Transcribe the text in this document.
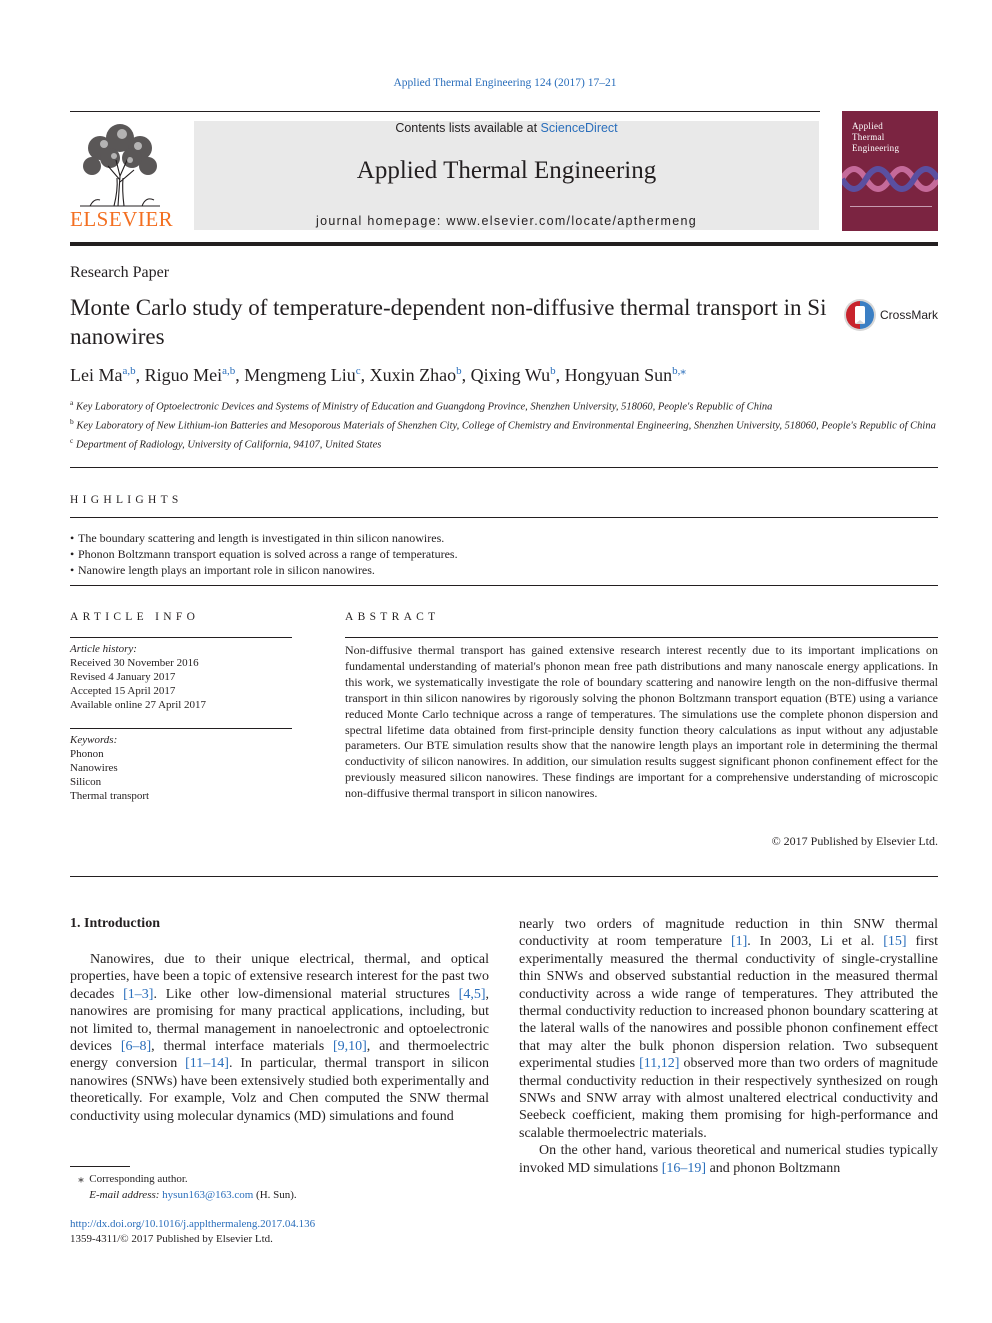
Applied Thermal Engineering 124 (2017) 17–21
ELSEVIER
Contents lists available at ScienceDirect
Applied Thermal Engineering
journal homepage: www.elsevier.com/locate/apthermeng
Applied
Thermal
Engineering
Research Paper
Monte Carlo study of temperature-dependent non-diffusive thermal transport in Si nanowires
CrossMark
Lei Ma$^{a,b}$, Riguo Mei$^{a,b}$, Mengmeng Liu$^c$, Xuxin Zhao$^b$, Qixing Wu$^b$, Hongyuan Sun$^{b,⁎}$
$^a$ Key Laboratory of Optoelectronic Devices and Systems of Ministry of Education and Guangdong Province, Shenzhen University, 518060, People's Republic of China
$^b$ Key Laboratory of New Lithium-ion Batteries and Mesoporous Materials of Shenzhen City, College of Chemistry and Environmental Engineering, Shenzhen University, 518060, People's Republic of China
$^c$ Department of Radiology, University of California, 94107, United States
HIGHLIGHTS
• The boundary scattering and length is investigated in thin silicon nanowires.
• Phonon Boltzmann transport equation is solved across a range of temperatures.
• Nanowire length plays an important role in silicon nanowires.
ARTICLE INFO
Article history:
Received 30 November 2016
Revised 4 January 2017
Accepted 15 April 2017
Available online 27 April 2017
Keywords:
Phonon
Nanowires
Silicon
Thermal transport
ABSTRACT
Non-diffusive thermal transport has gained extensive research interest recently due to its important implications on fundamental understanding of material's phonon mean free path distributions and many nanoscale energy applications. In this work, we systematically investigate the role of boundary scattering and nanowire length on the non-diffusive thermal transport in thin silicon nanowires by rigorously solving the phonon Boltzmann transport equation (BTE) using a variance reduced Monte Carlo technique across a range of temperatures. The simulations use the complete phonon dispersion and spectral lifetime data obtained from first-principle density function theory calculations as input without any adjustable parameters. Our BTE simulation results show that the nanowire length plays an important role in determining the thermal conductivity of silicon nanowires. In addition, our simulation results suggest significant phonon confinement effect for the previously measured silicon nanowires. These findings are important for a comprehensive understanding of microscopic non-diffusive thermal transport in silicon nanowires.
© 2017 Published by Elsevier Ltd.
1. Introduction

Nanowires, due to their unique electrical, thermal, and optical properties, have been a topic of extensive research interest for the past two decades [1–3]. Like other low-dimensional material structures [4,5], nanowires are promising for many practical applications, including, but not limited to, thermal management in nanoelectronic and optoelectronic devices [6–8], thermal interface materials [9,10], and thermoelectric energy conversion [11–14]. In particular, thermal transport in silicon nanowires (SNWs) have been extensively studied both experimentally and theoretically. For example, Volz and Chen computed the SNW thermal conductivity using molecular dynamics (MD) simulations and found

nearly two orders of magnitude reduction in thin SNW thermal conductivity at room temperature [1]. In 2003, Li et al. [15] first experimentally measured the thermal conductivity of single-crystalline thin SNWs and observed substantial reduction in the measured thermal conductivity across a wide range of temperatures. They attributed the thermal conductivity reduction to increased phonon boundary scattering at the lateral walls of the nanowires and possible phonon confinement effect that may alter the bulk phonon dispersion relation. Two subsequent experimental studies [11,12] observed more than two orders of magnitude thermal conductivity reduction in their respectively synthesized on rough SNWs and SNW array with almost unaltered electrical conductivity and Seebeck coefficient, making them promising for high-performance and scalable thermoelectric materials.

On the other hand, various theoretical and numerical studies typically invoked MD simulations [16–19] and phonon Boltzmann

⁎ Corresponding author.
E-mail address: hysun163@163.com (H. Sun).
http://dx.doi.org/10.1016/j.applthermaleng.2017.04.136
1359-4311/© 2017 Published by Elsevier Ltd.
